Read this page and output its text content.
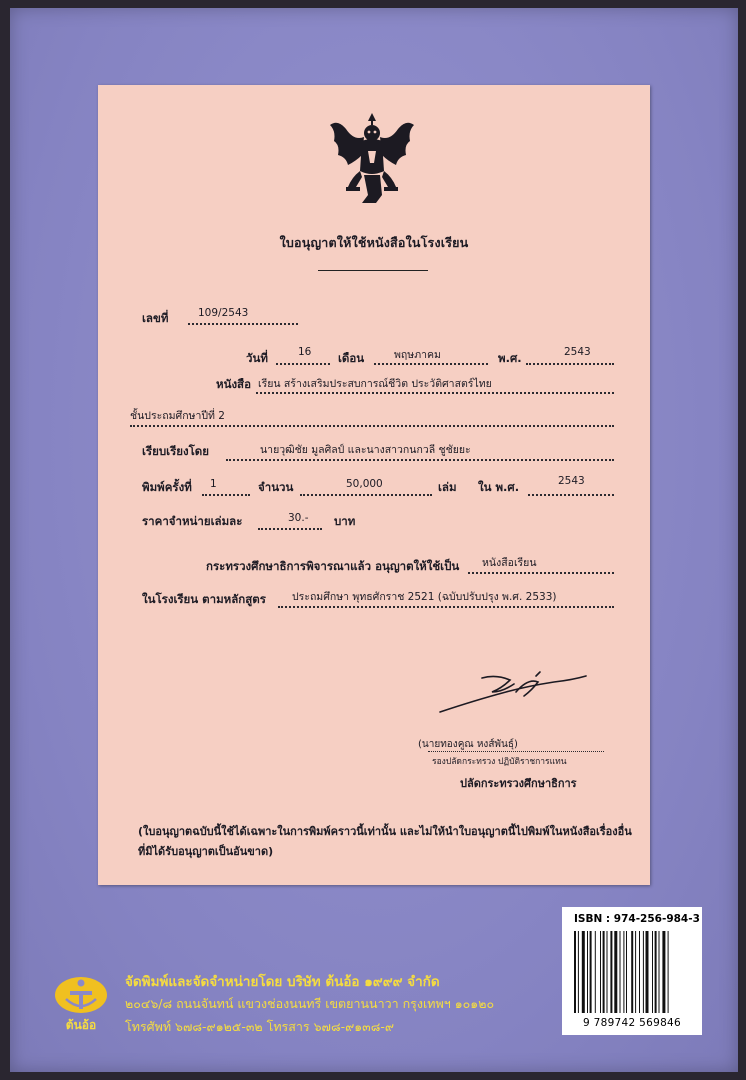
ใบอนุญาตให้ใช้หนังสือในโรงเรียน
เลขที่	109/2543
วันที่	16 เดือน	พฤษภาคม	พ.ศ.	2543
หนังสือ เรียน สร้างเสริมประสบการณ์ชีวิต ประวัติศาสตร์ไทย
ชั้นประถมศึกษาปีที่ 2
เรียบเรียงโดย	นายวุฒิชัย มูลศิลป์ และนางสาวกนกวลี ชูชัยยะ
พิมพ์ครั้งที่ 1	จำนวน	50,000	เล่ม ใน พ.ศ.	2543
ราคาจำหน่ายเล่มละ	30.- บาท
กระทรวงศึกษาธิการพิจารณาแล้ว อนุญาตให้ใช้เป็น หนังสือเรียน
ในโรงเรียน ตามหลักสูตร ประถมศึกษา พุทธศักราช 2521 (ฉบับปรับปรุง พ.ศ. 2533)
(นายทองคูณ หงส์พันธุ์)
รองปลัดกระทรวง ปฏิบัติราชการแทน
ปลัดกระทรวงศึกษาธิการ
(ใบอนุญาตฉบับนี้ใช้ได้เฉพาะในการพิมพ์คราวนี้เท่านั้น และไม่ให้นำใบอนุญาตนี้ไปพิมพ์ในหนังสือเรื่องอื่น ที่มิได้รับอนุญาตเป็นอันขาด)
ISBN : 974-256-984-3
9 789742 569846
ต้นอ้อ
จัดพิมพ์และจัดจำหน่ายโดย บริษัท ต้นอ้อ ๑๙๙๙ จำกัด
๒๐๔๖/๘ ถนนจันทน์ แขวงช่องนนทรี เขตยานนาวา กรุงเทพฯ ๑๐๑๒๐
โทรศัพท์ ๖๗๘-๙๑๒๕-๓๒ โทรสาร ๖๗๘-๙๑๓๘-๙
